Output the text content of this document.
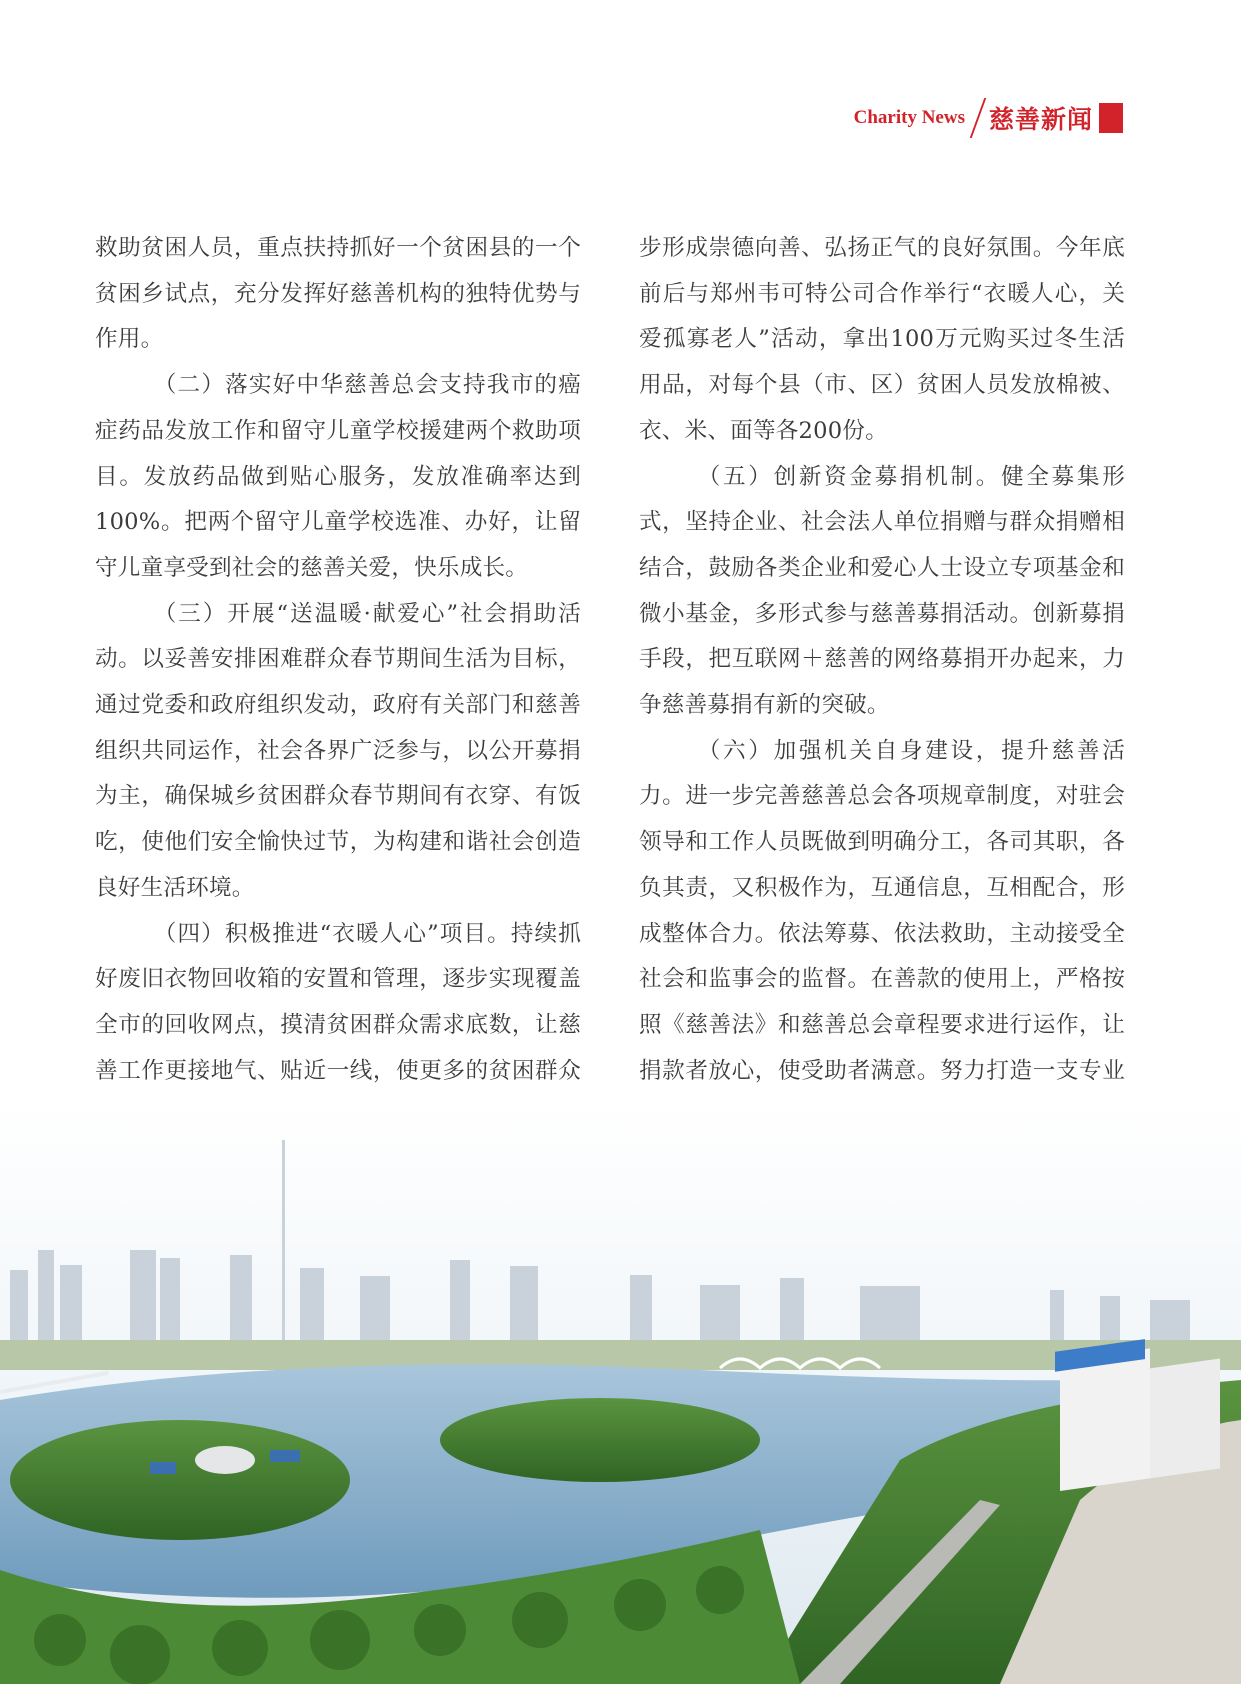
Charity News 慈善新闻

救助贫困人员，重点扶持抓好一个贫困县的一个贫困乡试点，充分发挥好慈善机构的独特优势与作用。

（二）落实好中华慈善总会支持我市的癌症药品发放工作和留守儿童学校援建两个救助项目。发放药品做到贴心服务，发放准确率达到100%。把两个留守儿童学校选准、办好，让留守儿童享受到社会的慈善关爱，快乐成长。

（三）开展“送温暖·献爱心”社会捐助活动。以妥善安排困难群众春节期间生活为目标，通过党委和政府组织发动，政府有关部门和慈善组织共同运作，社会各界广泛参与，以公开募捐为主，确保城乡贫困群众春节期间有衣穿、有饭吃，使他们安全愉快过节，为构建和谐社会创造良好生活环境。

（四）积极推进“衣暖人心”项目。持续抓好废旧衣物回收箱的安置和管理，逐步实现覆盖全市的回收网点，摸清贫困群众需求底数，让慈善工作更接地气、贴近一线，使更多的贫困群众

步形成崇德向善、弘扬正气的良好氛围。今年底前后与郑州韦可特公司合作举行“衣暖人心，关爱孤寡老人”活动，拿出100万元购买过冬生活用品，对每个县（市、区）贫困人员发放棉被、衣、米、面等各200份。

（五）创新资金募捐机制。健全募集形式，坚持企业、社会法人单位捐赠与群众捐赠相结合，鼓励各类企业和爱心人士设立专项基金和微小基金，多形式参与慈善募捐活动。创新募捐手段，把互联网＋慈善的网络募捐开办起来，力争慈善募捐有新的突破。

（六）加强机关自身建设，提升慈善活力。进一步完善慈善总会各项规章制度，对驻会领导和工作人员既做到明确分工，各司其职，各负其责，又积极作为，互通信息，互相配合，形成整体合力。依法筹募、依法救助，主动接受全社会和监事会的监督。在善款的使用上，严格按照《慈善法》和慈善总会章程要求进行运作，让捐款者放心，使受助者满意。努力打造一支专业
